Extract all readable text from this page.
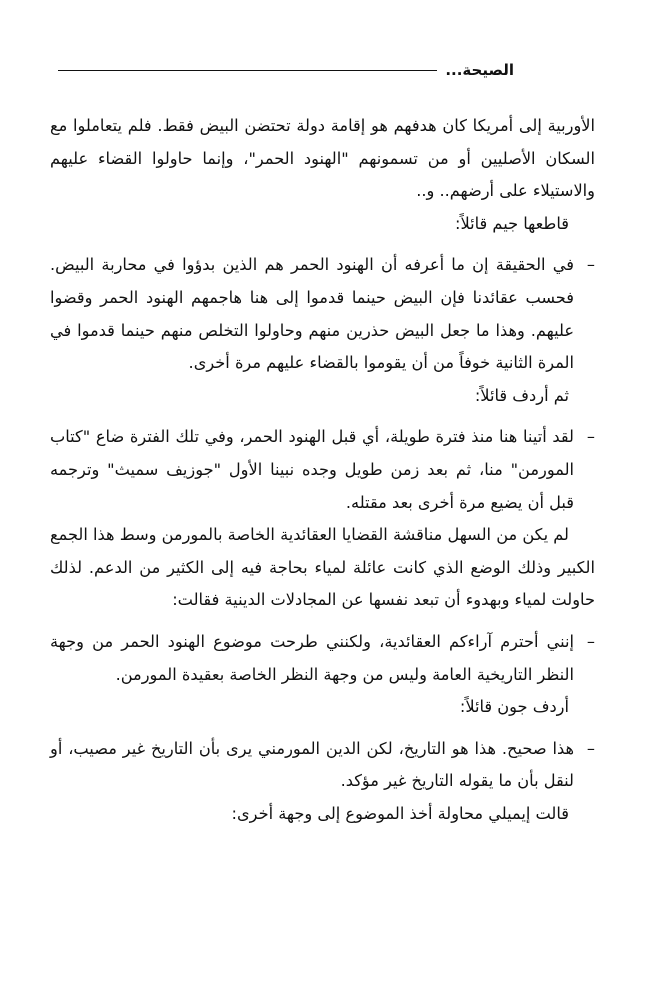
الصيحة...

الأوربية إلى أمريكا كان هدفهم هو إقامة دولة تحتضن البيض فقط. فلم يتعاملوا مع السكان الأصليين أو من تسمونهم "الهنود الحمر"، وإنما حاولوا القضاء عليهم والاستيلاء على أرضهم.. و..

قاطعها جيم قائلاً:

–
في الحقيقة إن ما أعرفه أن الهنود الحمر هم الذين بدؤوا في محاربة البيض. فحسب عقائدنا فإن البيض حينما قدموا إلى هنا هاجمهم الهنود الحمر وقضوا عليهم. وهذا ما جعل البيض حذرين منهم وحاولوا التخلص منهم حينما قدموا في المرة الثانية خوفاً من أن يقوموا بالقضاء عليهم مرة أخرى.

ثم أردف قائلاً:

–
لقد أتينا هنا منذ فترة طويلة، أي قبل الهنود الحمر، وفي تلك الفترة ضاع "كتاب المورمن" منا، ثم بعد زمن طويل وجده نبينا الأول "جوزيف سميث" وترجمه قبل أن يضيع مرة أخرى بعد مقتله.

لم يكن من السهل مناقشة القضايا العقائدية الخاصة بالمورمن وسط هذا الجمع الكبير وذلك الوضع الذي كانت عائلة لمياء بحاجة فيه إلى الكثير من الدعم. لذلك حاولت لمياء وبهدوء أن تبعد نفسها عن المجادلات الدينية فقالت:

–
إنني أحترم آراءكم العقائدية، ولكنني طرحت موضوع الهنود الحمر من وجهة النظر التاريخية العامة وليس من وجهة النظر الخاصة بعقيدة المورمن.

أردف جون قائلاً:

–
هذا صحيح. هذا هو التاريخ، لكن الدين المورمني يرى بأن التاريخ غير مصيب، أو لنقل بأن ما يقوله التاريخ غير مؤكد.

قالت إيميلي محاولة أخذ الموضوع إلى وجهة أخرى:
